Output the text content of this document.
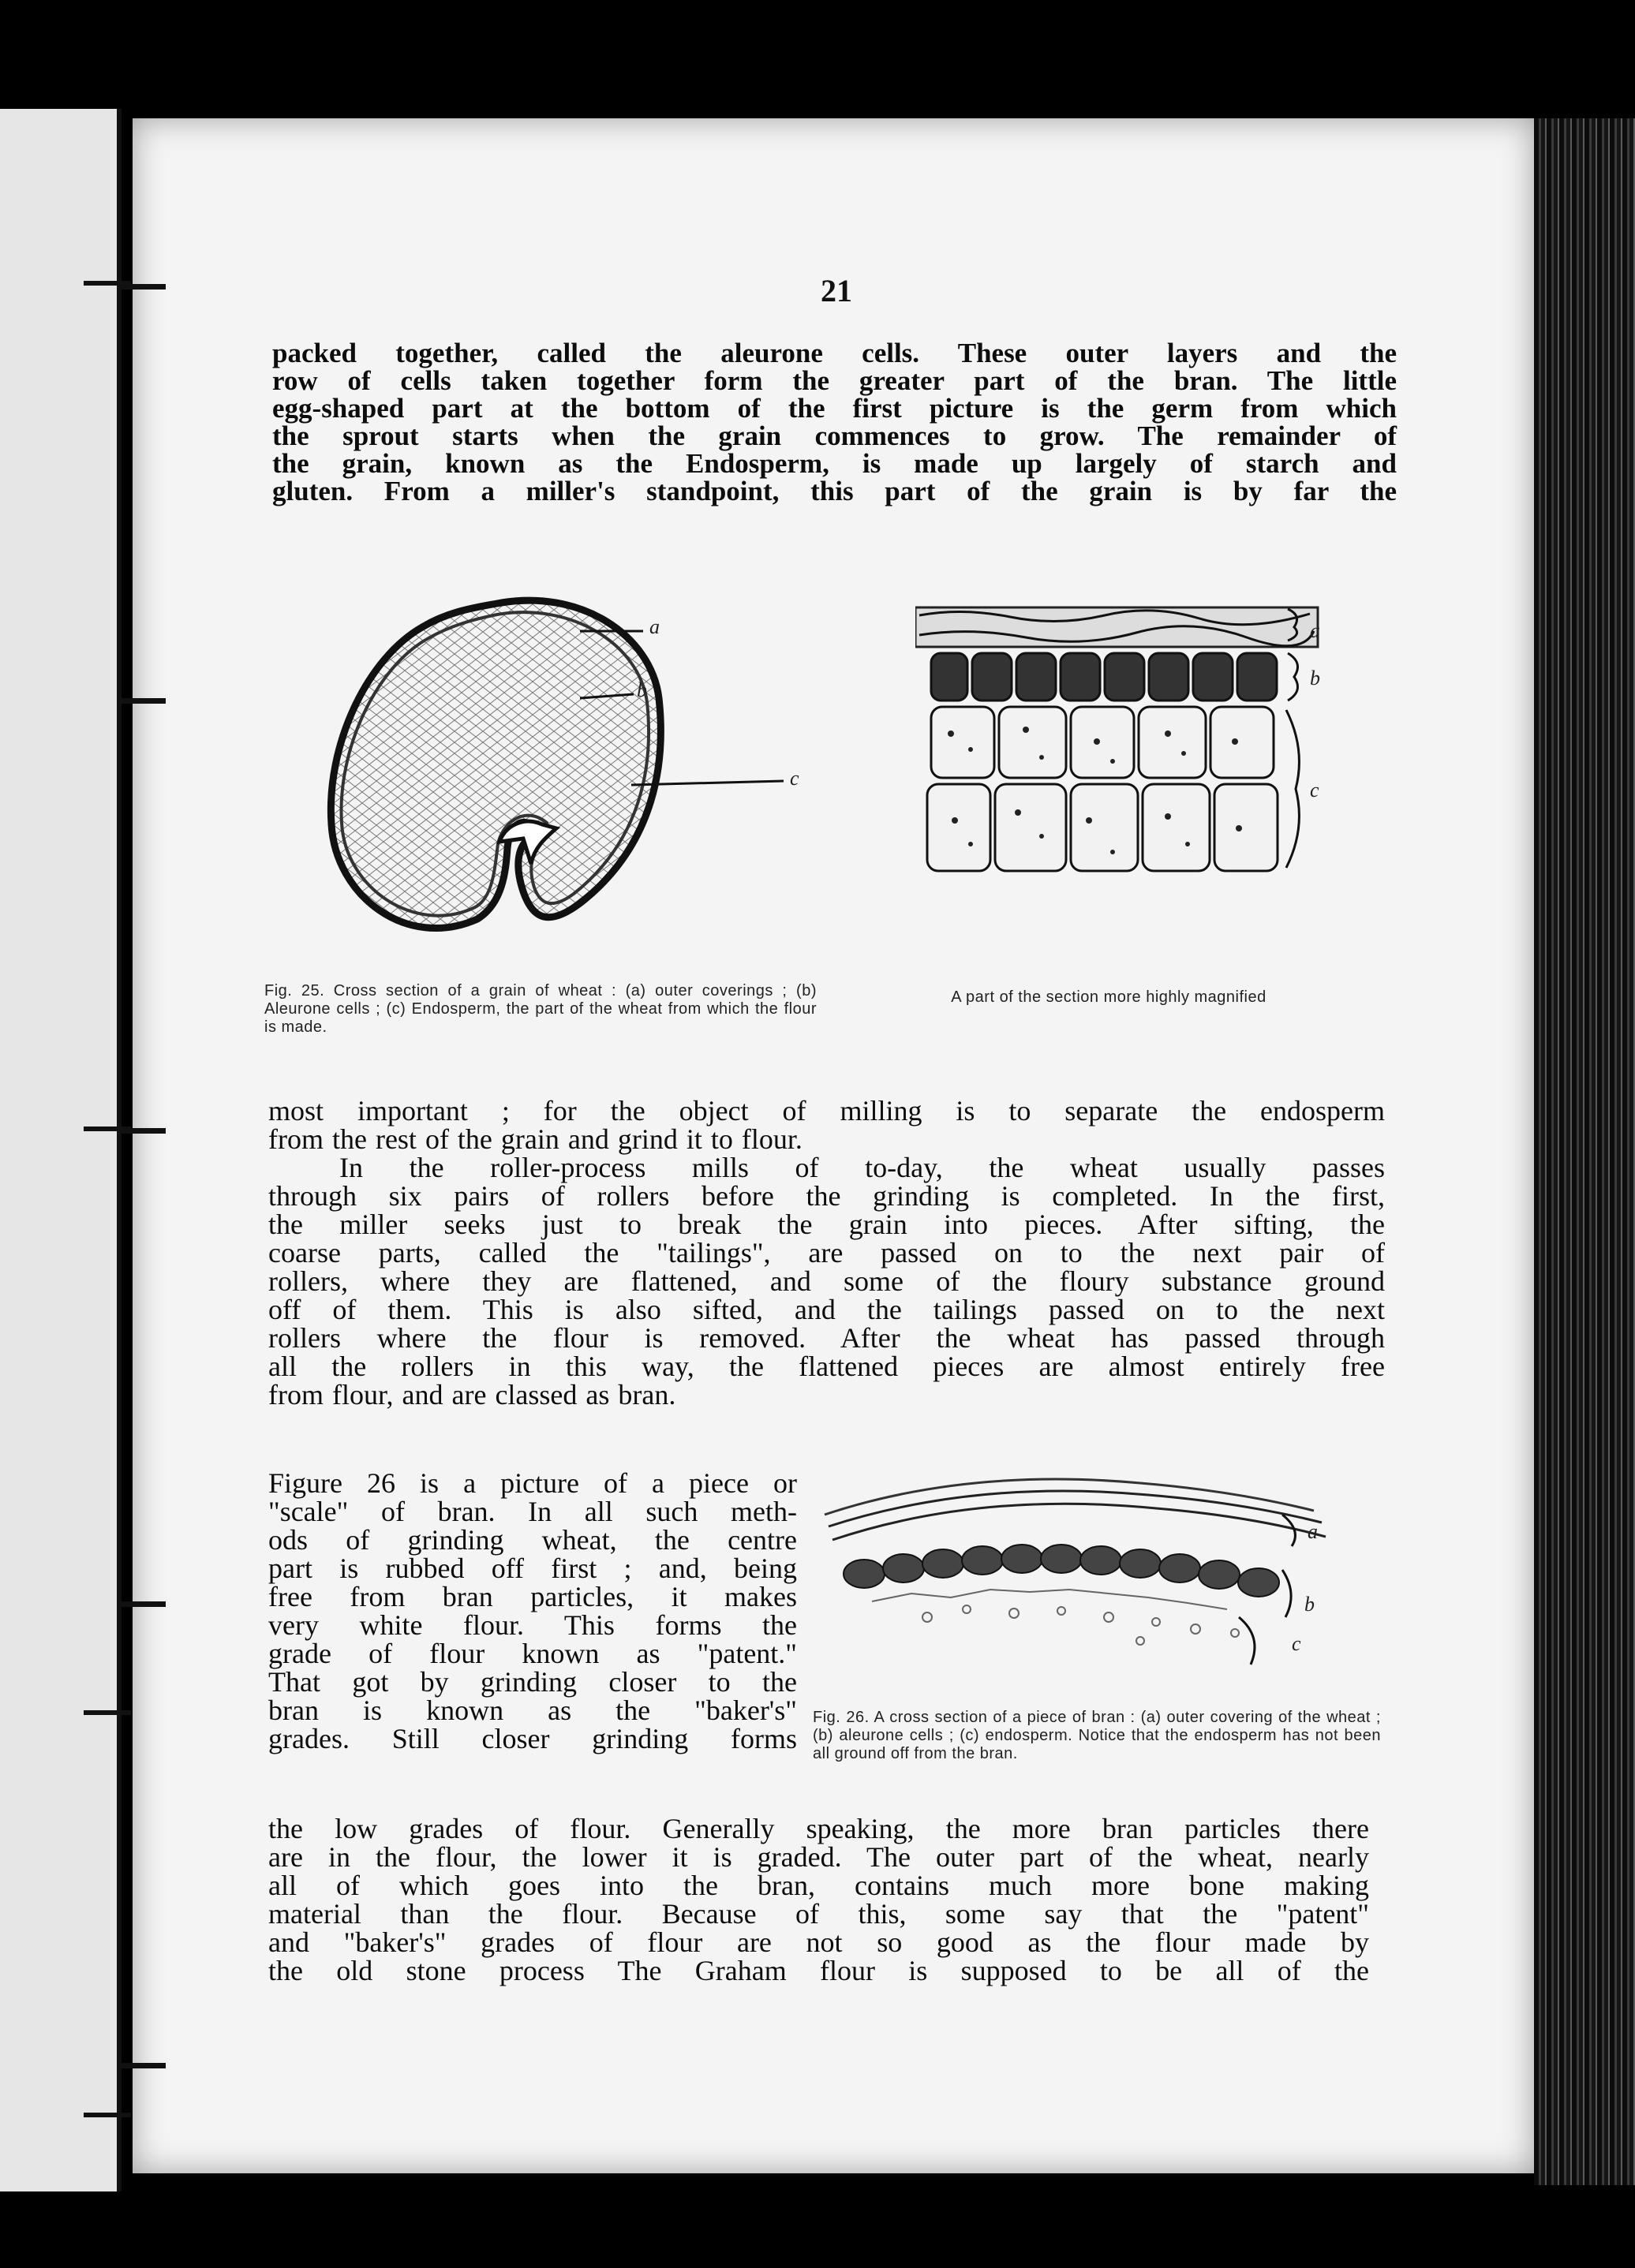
21
packed together, called the aleurone cells. These outer layers and the
row of cells taken together form the greater part of the bran. The little
egg-shaped part at the bottom of the first picture is the germ from which
the sprout starts when the grain commences to grow. The remainder of
the grain, known as the Endosperm, is made up largely of starch and
gluten. From a miller's standpoint, this part of the grain is by far the
a
b
c
a
b
c
Fig. 25. Cross section of a grain of wheat : (a) outer coverings ; (b) Aleurone cells ; (c) Endosperm, the part of the wheat from which the flour is made.
A part of the section more highly magnified
most important ; for the object of milling is to separate the endosperm
from the rest of the grain and grind it to flour.
In the roller-process mills of to-day, the wheat usually passes
through six pairs of rollers before the grinding is completed. In the first,
the miller seeks just to break the grain into pieces. After sifting, the
coarse parts, called the "tailings", are passed on to the next pair of
rollers, where they are flattened, and some of the floury substance ground
off of them. This is also sifted, and the tailings passed on to the next
rollers where the flour is removed. After the wheat has passed through
all the rollers in this way, the flattened pieces are almost entirely free
from flour, and are classed as bran.
Figure 26 is a picture of a piece or
"scale" of bran. In all such meth-
ods of grinding wheat, the centre
part is rubbed off first ; and, being
free from bran particles, it makes
very white flour. This forms the
grade of flour known as "patent."
That got by grinding closer to the
bran is known as the "baker's"
grades. Still closer grinding forms
a
b
c
Fig. 26. A cross section of a piece of bran : (a) outer covering of the wheat ; (b) aleurone cells ; (c) endosperm. Notice that the endosperm has not been all ground off from the bran.
the low grades of flour. Generally speaking, the more bran particles there
are in the flour, the lower it is graded. The outer part of the wheat, nearly
all of which goes into the bran, contains much more bone making
material than the flour. Because of this, some say that the "patent"
and "baker's" grades of flour are not so good as the flour made by
the old stone process The Graham flour is supposed to be all of the
